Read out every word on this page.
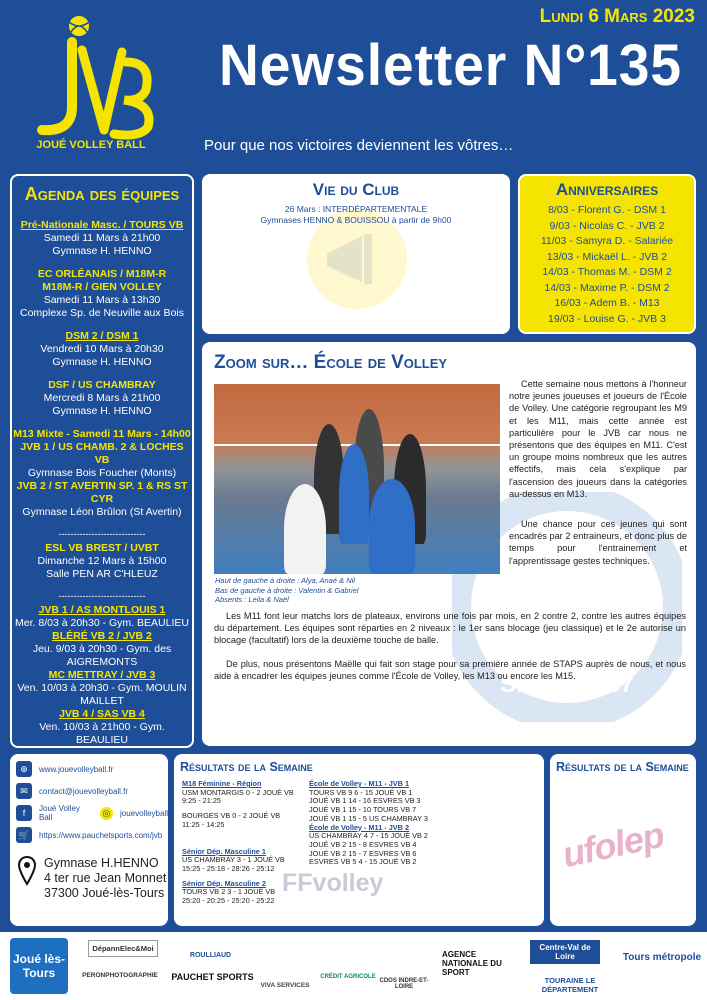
Lundi 6 Mars 2023
JOUÉ VOLLEY BALL
Newsletter N°135
Pour que nos victoires deviennent les vôtres…
Agenda des équipes
Pré-Nationale Masc. / TOURS VB
Samedi 11 Mars à 21h00
Gymnase H. HENNO
EC ORLÉANAIS / M18M-R
M18M-R / GIEN VOLLEY
Samedi 11 Mars à 13h30
Complexe Sp. de Neuville aux Bois
DSM 2 / DSM 1
Vendredi 10 Mars à 20h30
Gymnase H. HENNO
DSF / US CHAMBRAY
Mercredi 8 Mars à 21h00
Gymnase H. HENNO
M13 Mixte - Samedi 11 Mars - 14h00
JVB 1 / US CHAMB. 2 & LOCHES VB
Gymnase Bois Foucher (Monts)
JVB 2 / ST AVERTIN SP. 1 & RS ST CYR
Gymnase Léon Brûlon (St Avertin)
-----------------------------
ESL VB BREST / UVBT
Dimanche 12 Mars à 15h00
Salle PEN AR C'HLEUZ
-----------------------------
JVB 1 / AS MONTLOUIS 1
Mer. 8/03 à 20h30 - Gym. BEAULIEU
BLÉRÉ VB 2 / JVB 2
Jeu. 9/03 à 20h30 - Gym. des AIGREMONTS
MC METTRAY / JVB 3
Ven. 10/03 à 20h30 - Gym. MOULIN MAILLET
JVB 4 / SAS VB 4
Ven. 10/03 à 21h00 - Gym. BEAULIEU
Vie du Club

26 Mars : INTERDÉPARTEMENTALE

Gymnases HENNO & BOUISSOU à partir de 9h00

Anniversaires
8/03 - Florent G. - DSM 1
9/03 - Nicolas C. - JVB 2
11/03 - Samyra D. - Salariée
13/03 - Mickaël L. - JVB 2
14/03 - Thomas M. - DSM 2
14/03 - Maxime P. - DSM 2
16/03 - Adem B. - M13
19/03 - Louise G. - JVB 3
SINCE 1987
Zoom sur… École de Volley
Haut de gauche à droite : Alya, Anaé & Nil
Bas de gauche à droite : Valentin & Gabriel
Absents : Leila & Naël

Cette semaine nous mettons à l'honneur notre jeunes joueuses et joueurs de l'École de Volley. Une catégorie regroupant les M9 et les M11, mais cette année est particulière pour le JVB car nous ne présentons que des équipes en M11. C'est un groupe moins nombreux que les autres effectifs, mais cela s'explique par l'ascension des joueurs dans la catégories au-dessus en M13.

Une chance pour ces jeunes qui sont encadrés par 2 entraineurs, et donc plus de temps pour l'entrainement et l'apprentissage gestes techniques.

Les M11 font leur matchs lors de plateaux, environs une fois par mois, en 2 contre 2, contre les autres équipes du département. Les équipes sont réparties en 2 niveaux : le 1er sans blocage (jeu classique) et le 2e autorise un blocage (facultatif) lors de la deuxième touche de balle.

De plus, nous présentons Maëlle qui fait son stage pour sa première année de STAPS auprès de nous, et nous aide à encadrer les équipes jeunes comme l'École de Volley, les M13 ou encore les M15.

⊕	www.jouevolleyball.fr
✉	contact@jouevolleyball.fr
f	Joué Volley Ball	◎	jouevolleyball
🛒 https://www.pauchetsports.com/jvb
Gymnase H.HENNO
4 ter rue Jean Monnet
37300 Joué-lès-Tours
Résultats de la Semaine
FFvolley
M18 Féminine - Région
USM MONTARGIS 0 - 2 JOUÉ VB
9:25 - 21:25
BOURGES VB 0 - 2 JOUÉ VB
11:25 - 14:25
Sénior Dép. Masculine 1
US CHAMBRAY 3 - 1 JOUÉ VB
15:25 - 25:18 - 28:26 - 25:12
Sénior Dép. Masculine 2
TOURS VB 2 3 - 1 JOUÉ VB
25:20 - 20:25 - 25:20 - 25:22
École de Volley - M11 - JVB 1
TOURS VB 9 6 - 15 JOUÉ VB 1
JOUÉ VB 1 14 - 16 ESVRES VB 3
JOUÉ VB 1 15 - 10 TOURS VB 7
JOUÉ VB 1 15 - 5 US CHAMBRAY 3
École de Volley - M11 - JVB 2
US CHAMBRAY 4 7 - 15 JOUÉ VB 2
JOUÉ VB 2 15 - 8 ESVRES VB 4
JOUÉ VB 2 15 - 7 ESVRES VB 6
ESVRES VB 5 4 - 15 JOUÉ VB 2
Résultats de la Semaine
ufolep
Joué lès-Tours
DépannElec&Moi
PERONPHOTOGRAPHIE
ROULLIAUD
PAUCHET SPORTS
VIVA SERVICES
CRÉDIT AGRICOLE
CDOS INDRE-ET-LOIRE
AGENCE NATIONALE DU SPORT
Centre-Val de Loire
TOURAINE LE DÉPARTEMENT
Tours métropole
